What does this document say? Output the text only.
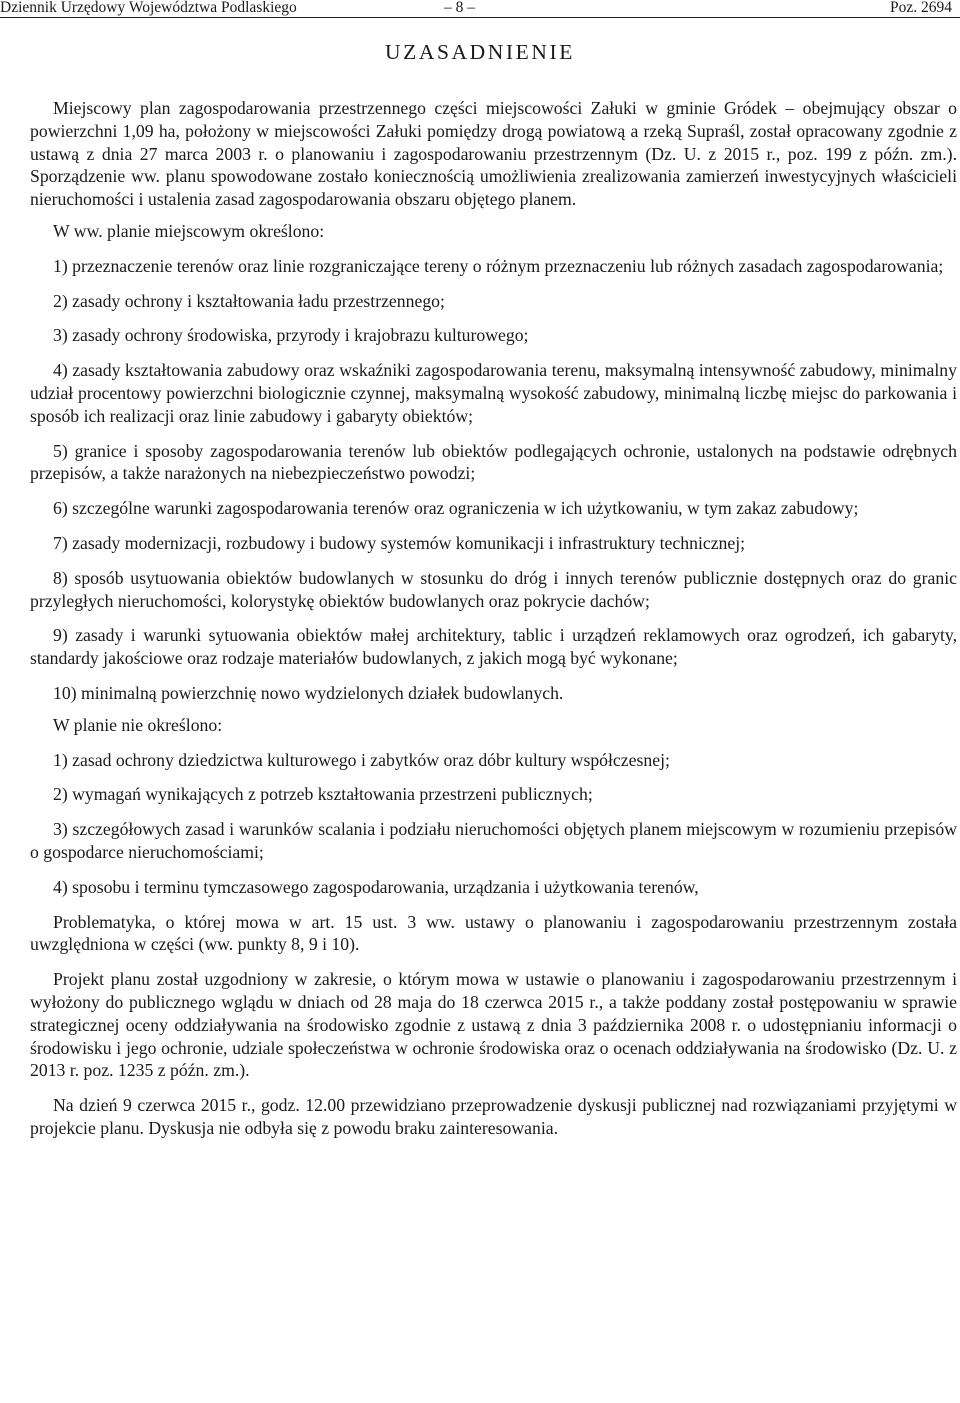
Dziennik Urzędowy Województwa Podlaskiego	– 8 –	Poz. 2694
UZASADNIENIE

Miejscowy plan zagospodarowania przestrzennego części miejscowości Załuki w gminie Gródek – obejmujący obszar o powierzchni 1,09 ha, położony w miejscowości Załuki pomiędzy drogą powiatową a rzeką Supraśl, został opracowany zgodnie z ustawą z dnia 27 marca 2003 r. o planowaniu i zagospodarowaniu przestrzennym (Dz. U. z 2015 r., poz. 199 z późn. zm.). Sporządzenie ww. planu spowodowane zostało koniecznością umożliwienia zrealizowania zamierzeń inwestycyjnych właścicieli nieruchomości i ustalenia zasad zagospodarowania obszaru objętego planem.

W ww. planie miejscowym określono:

1) przeznaczenie terenów oraz linie rozgraniczające tereny o różnym przeznaczeniu lub różnych zasadach zagospodarowania;

2) zasady ochrony i kształtowania ładu przestrzennego;

3) zasady ochrony środowiska, przyrody i krajobrazu kulturowego;

4) zasady kształtowania zabudowy oraz wskaźniki zagospodarowania terenu, maksymalną intensywność zabudowy, minimalny udział procentowy powierzchni biologicznie czynnej, maksymalną wysokość zabudowy, minimalną liczbę miejsc do parkowania i sposób ich realizacji oraz linie zabudowy i gabaryty obiektów;

5) granice i sposoby zagospodarowania terenów lub obiektów podlegających ochronie, ustalonych na podstawie odrębnych przepisów, a także narażonych na niebezpieczeństwo powodzi;

6) szczególne warunki zagospodarowania terenów oraz ograniczenia w ich użytkowaniu, w tym zakaz zabudowy;

7) zasady modernizacji, rozbudowy i budowy systemów komunikacji i infrastruktury technicznej;

8) sposób usytuowania obiektów budowlanych w stosunku do dróg i innych terenów publicznie dostępnych oraz do granic przyległych nieruchomości, kolorystykę obiektów budowlanych oraz pokrycie dachów;

9) zasady i warunki sytuowania obiektów małej architektury, tablic i urządzeń reklamowych oraz ogrodzeń, ich gabaryty, standardy jakościowe oraz rodzaje materiałów budowlanych, z jakich mogą być wykonane;

10) minimalną powierzchnię nowo wydzielonych działek budowlanych.

W planie nie określono:

1) zasad ochrony dziedzictwa kulturowego i zabytków oraz dóbr kultury współczesnej;

2) wymagań wynikających z potrzeb kształtowania przestrzeni publicznych;

3) szczegółowych zasad i warunków scalania i podziału nieruchomości objętych planem miejscowym w rozumieniu przepisów o gospodarce nieruchomościami;

4) sposobu i terminu tymczasowego zagospodarowania, urządzania i użytkowania terenów,

Problematyka, o której mowa w art. 15 ust. 3 ww. ustawy o planowaniu i zagospodarowaniu przestrzennym została uwzględniona w części (ww. punkty 8, 9 i 10).

Projekt planu został uzgodniony w zakresie, o którym mowa w ustawie o planowaniu i zagospodarowaniu przestrzennym i wyłożony do publicznego wglądu w dniach od 28 maja do 18 czerwca 2015 r., a także poddany został postępowaniu w sprawie strategicznej oceny oddziaływania na środowisko zgodnie z ustawą z dnia 3 października 2008 r. o udostępnianiu informacji o środowisku i jego ochronie, udziale społeczeństwa w ochronie środowiska oraz o ocenach oddziaływania na środowisko (Dz. U. z 2013 r. poz. 1235 z późn. zm.).

Na dzień 9 czerwca 2015 r., godz. 12.00 przewidziano przeprowadzenie dyskusji publicznej nad rozwiązaniami przyjętymi w projekcie planu. Dyskusja nie odbyła się z powodu braku zainteresowania.
